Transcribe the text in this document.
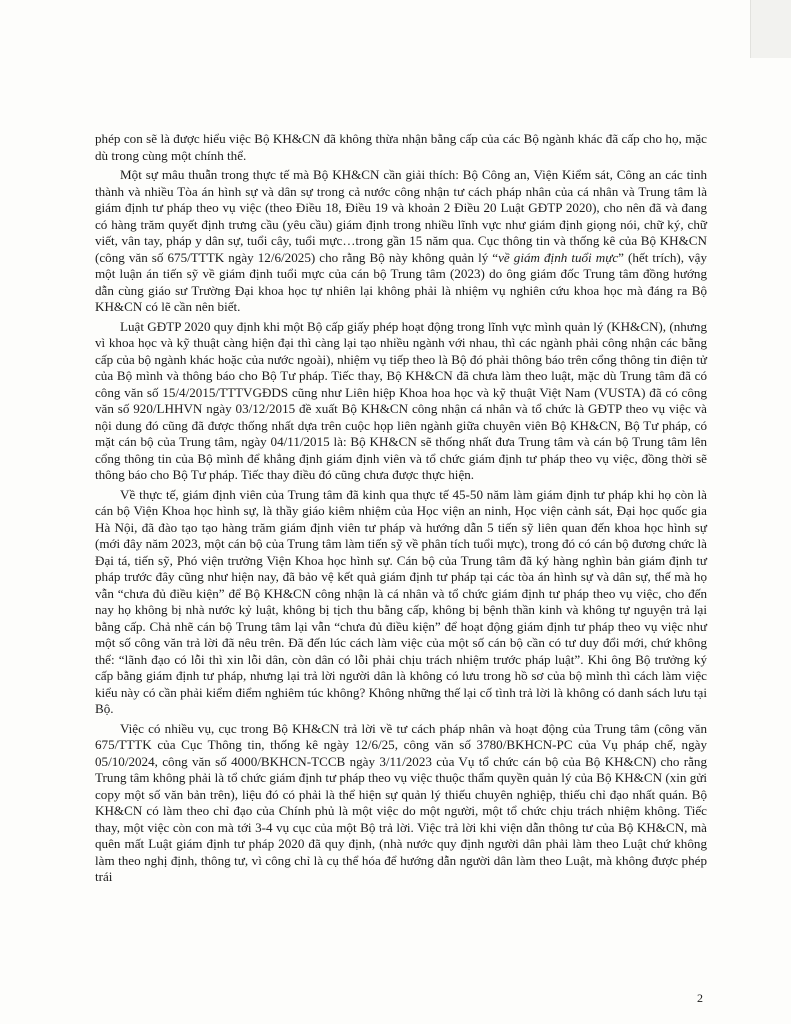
phép con sẽ là được hiểu việc Bộ KH&CN đã không thừa nhận bằng cấp của các Bộ ngành khác đã cấp cho họ, mặc dù trong cùng một chính thể.

Một sự mâu thuẫn trong thực tế mà Bộ KH&CN cần giải thích: Bộ Công an, Viện Kiểm sát, Công an các tỉnh thành và nhiều Tòa án hình sự và dân sự trong cả nước công nhận tư cách pháp nhân của cá nhân và Trung tâm là giám định tư pháp theo vụ việc (theo Điều 18, Điều 19 và khoản 2 Điều 20 Luật GĐTP 2020), cho nên đã và đang có hàng trăm quyết định trưng cầu (yêu cầu) giám định trong nhiều lĩnh vực như giám định giọng nói, chữ ký, chữ viết, vân tay, pháp y dân sự, tuổi cây, tuổi mực…trong gần 15 năm qua. Cục thông tin và thống kê của Bộ KH&CN (công văn số 675/TTTK ngày 12/6/2025) cho rằng Bộ này không quản lý “về giám định tuổi mực” (hết trích), vậy một luận án tiến sỹ về giám định tuổi mực của cán bộ Trung tâm (2023) do ông giám đốc Trung tâm đồng hướng dẫn cùng giáo sư Trường Đại khoa học tự nhiên lại không phải là nhiệm vụ nghiên cứu khoa học mà đáng ra Bộ KH&CN có lẽ cần nên biết.

Luật GĐTP 2020 quy định khi một Bộ cấp giấy phép hoạt động trong lĩnh vực mình quản lý (KH&CN), (nhưng vì khoa học và kỹ thuật càng hiện đại thì càng lại tạo nhiều ngành với nhau, thì các ngành phải công nhận các bằng cấp của bộ ngành khác hoặc của nước ngoài), nhiệm vụ tiếp theo là Bộ đó phải thông báo trên cổng thông tin điện tử của Bộ mình và thông báo cho Bộ Tư pháp. Tiếc thay, Bộ KH&CN đã chưa làm theo luật, mặc dù Trung tâm đã có công văn số 15/4/2015/TTTVGĐDS cũng như Liên hiệp Khoa hoa học và kỹ thuật Việt Nam (VUSTA) đã có công văn số 920/LHHVN ngày 03/12/2015 đề xuất Bộ KH&CN công nhận cá nhân và tổ chức là GĐTP theo vụ việc và nội dung đó cũng đã được thống nhất dựa trên cuộc họp liên ngành giữa chuyên viên Bộ KH&CN, Bộ Tư pháp, có mặt cán bộ của Trung tâm, ngày 04/11/2015 là: Bộ KH&CN sẽ thống nhất đưa Trung tâm và cán bộ Trung tâm lên cổng thông tin của Bộ mình để khẳng định giám định viên và tổ chức giám định tư pháp theo vụ việc, đồng thời sẽ thông báo cho Bộ Tư pháp. Tiếc thay điều đó cũng chưa được thực hiện.

Về thực tế, giám định viên của Trung tâm đã kinh qua thực tế 45-50 năm làm giám định tư pháp khi họ còn là cán bộ Viện Khoa học hình sự, là thầy giáo kiêm nhiệm của Học viện an ninh, Học viện cảnh sát, Đại học quốc gia Hà Nội, đã đào tạo tạo hàng trăm giám định viên tư pháp và hướng dẫn 5 tiến sỹ liên quan đến khoa học hình sự (mới đây năm 2023, một cán bộ của Trung tâm làm tiến sỹ về phân tích tuổi mực), trong đó có cán bộ đương chức là Đại tá, tiến sỹ, Phó viện trưởng Viện Khoa học hình sự. Cán bộ của Trung tâm đã ký hàng nghìn bản giám định tư pháp trước đây cũng như hiện nay, đã bảo vệ kết quả giám định tư pháp tại các tòa án hình sự và dân sự, thế mà họ vẫn “chưa đủ điều kiện” để Bộ KH&CN công nhận là cá nhân và tổ chức giám định tư pháp theo vụ việc, cho đến nay họ không bị nhà nước kỷ luật, không bị tịch thu bằng cấp, không bị bệnh thần kinh và không tự nguyện trả lại bằng cấp. Chả nhẽ cán bộ Trung tâm lại vẫn “chưa đủ điều kiện” để hoạt động giám định tư pháp theo vụ việc như một số công văn trả lời đã nêu trên. Đã đến lúc cách làm việc của một số cán bộ cần có tư duy đổi mới, chứ không thể: “lãnh đạo có lỗi thì xin lỗi dân, còn dân có lỗi phải chịu trách nhiệm trước pháp luật”. Khi ông Bộ trưởng ký cấp bằng giám định tư pháp, nhưng lại trả lời người dân là không có lưu trong hồ sơ của bộ mình thì cách làm việc kiểu này có cần phải kiểm điểm nghiêm túc không? Không những thế lại cố tình trả lời là không có danh sách lưu tại Bộ.

Việc có nhiều vụ, cục trong Bộ KH&CN trả lời về tư cách pháp nhân và hoạt động của Trung tâm (công văn 675/TTTK của Cục Thông tin, thống kê ngày 12/6/25, công văn số 3780/BKHCN-PC của Vụ pháp chế, ngày 05/10/2024, công văn số 4000/BKHCN-TCCB ngày 3/11/2023 của Vụ tổ chức cán bộ của Bộ KH&CN) cho rằng Trung tâm không phải là tổ chức giám định tư pháp theo vụ việc thuộc thẩm quyền quản lý của Bộ KH&CN (xin gửi copy một số văn bản trên), liệu đó có phải là thể hiện sự quản lý thiếu chuyên nghiệp, thiếu chỉ đạo nhất quán. Bộ KH&CN có làm theo chỉ đạo của Chính phủ là một việc do một người, một tổ chức chịu trách nhiệm không. Tiếc thay, một việc còn con mà tới 3-4 vụ cục của một Bộ trả lời. Việc trả lời khi viện dẫn thông tư của Bộ KH&CN, mà quên mất Luật giám định tư pháp 2020 đã quy định, (nhà nước quy định người dân phải làm theo Luật chứ không làm theo nghị định, thông tư, vì công chỉ là cụ thể hóa để hướng dẫn người dân làm theo Luật, mà không được phép trái

2
